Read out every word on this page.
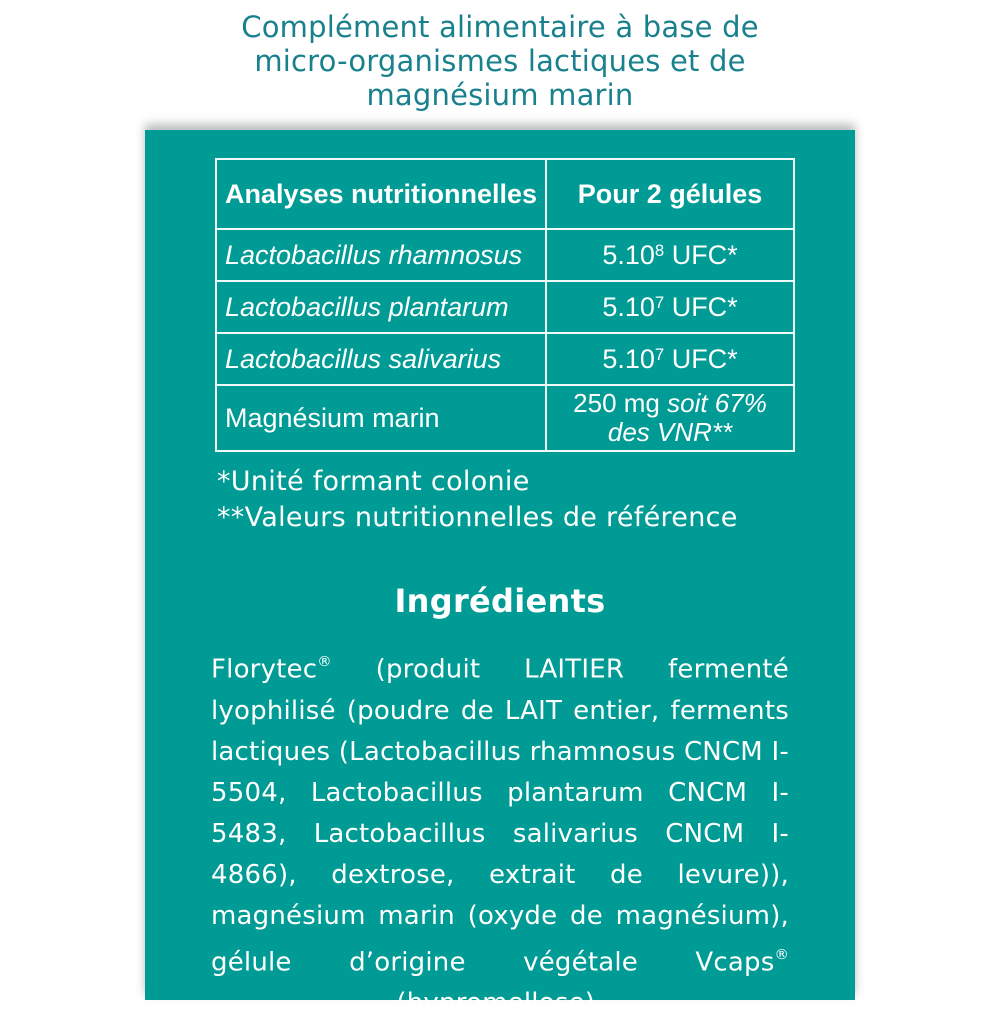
Complément alimentaire à base de
micro-organismes lactiques et de
magnésium marin
Analyses nutritionnelles	Pour 2 gélules
Lactobacillus rhamnosus	5.10$^8$ UFC*
Lactobacillus plantarum	5.10$^7$ UFC*
Lactobacillus salivarius	5.10$^7$ UFC*
Magnésium marin	250 mg soit 67% des VNR**
*Unité formant colonie
**Valeurs nutritionnelles de référence
Ingrédients

Florytec® (produit LAITIER fermenté lyophilisé (poudre de LAIT entier, ferments lactiques (Lactobacillus rhamnosus CNCM I-5504, Lactobacillus plantarum CNCM I-5483, Lactobacillus salivarius CNCM I-4866), dextrose, extrait de levure)), magnésium marin (oxyde de magnésium), gélule d’origine végétale Vcaps® (hypromellose).
